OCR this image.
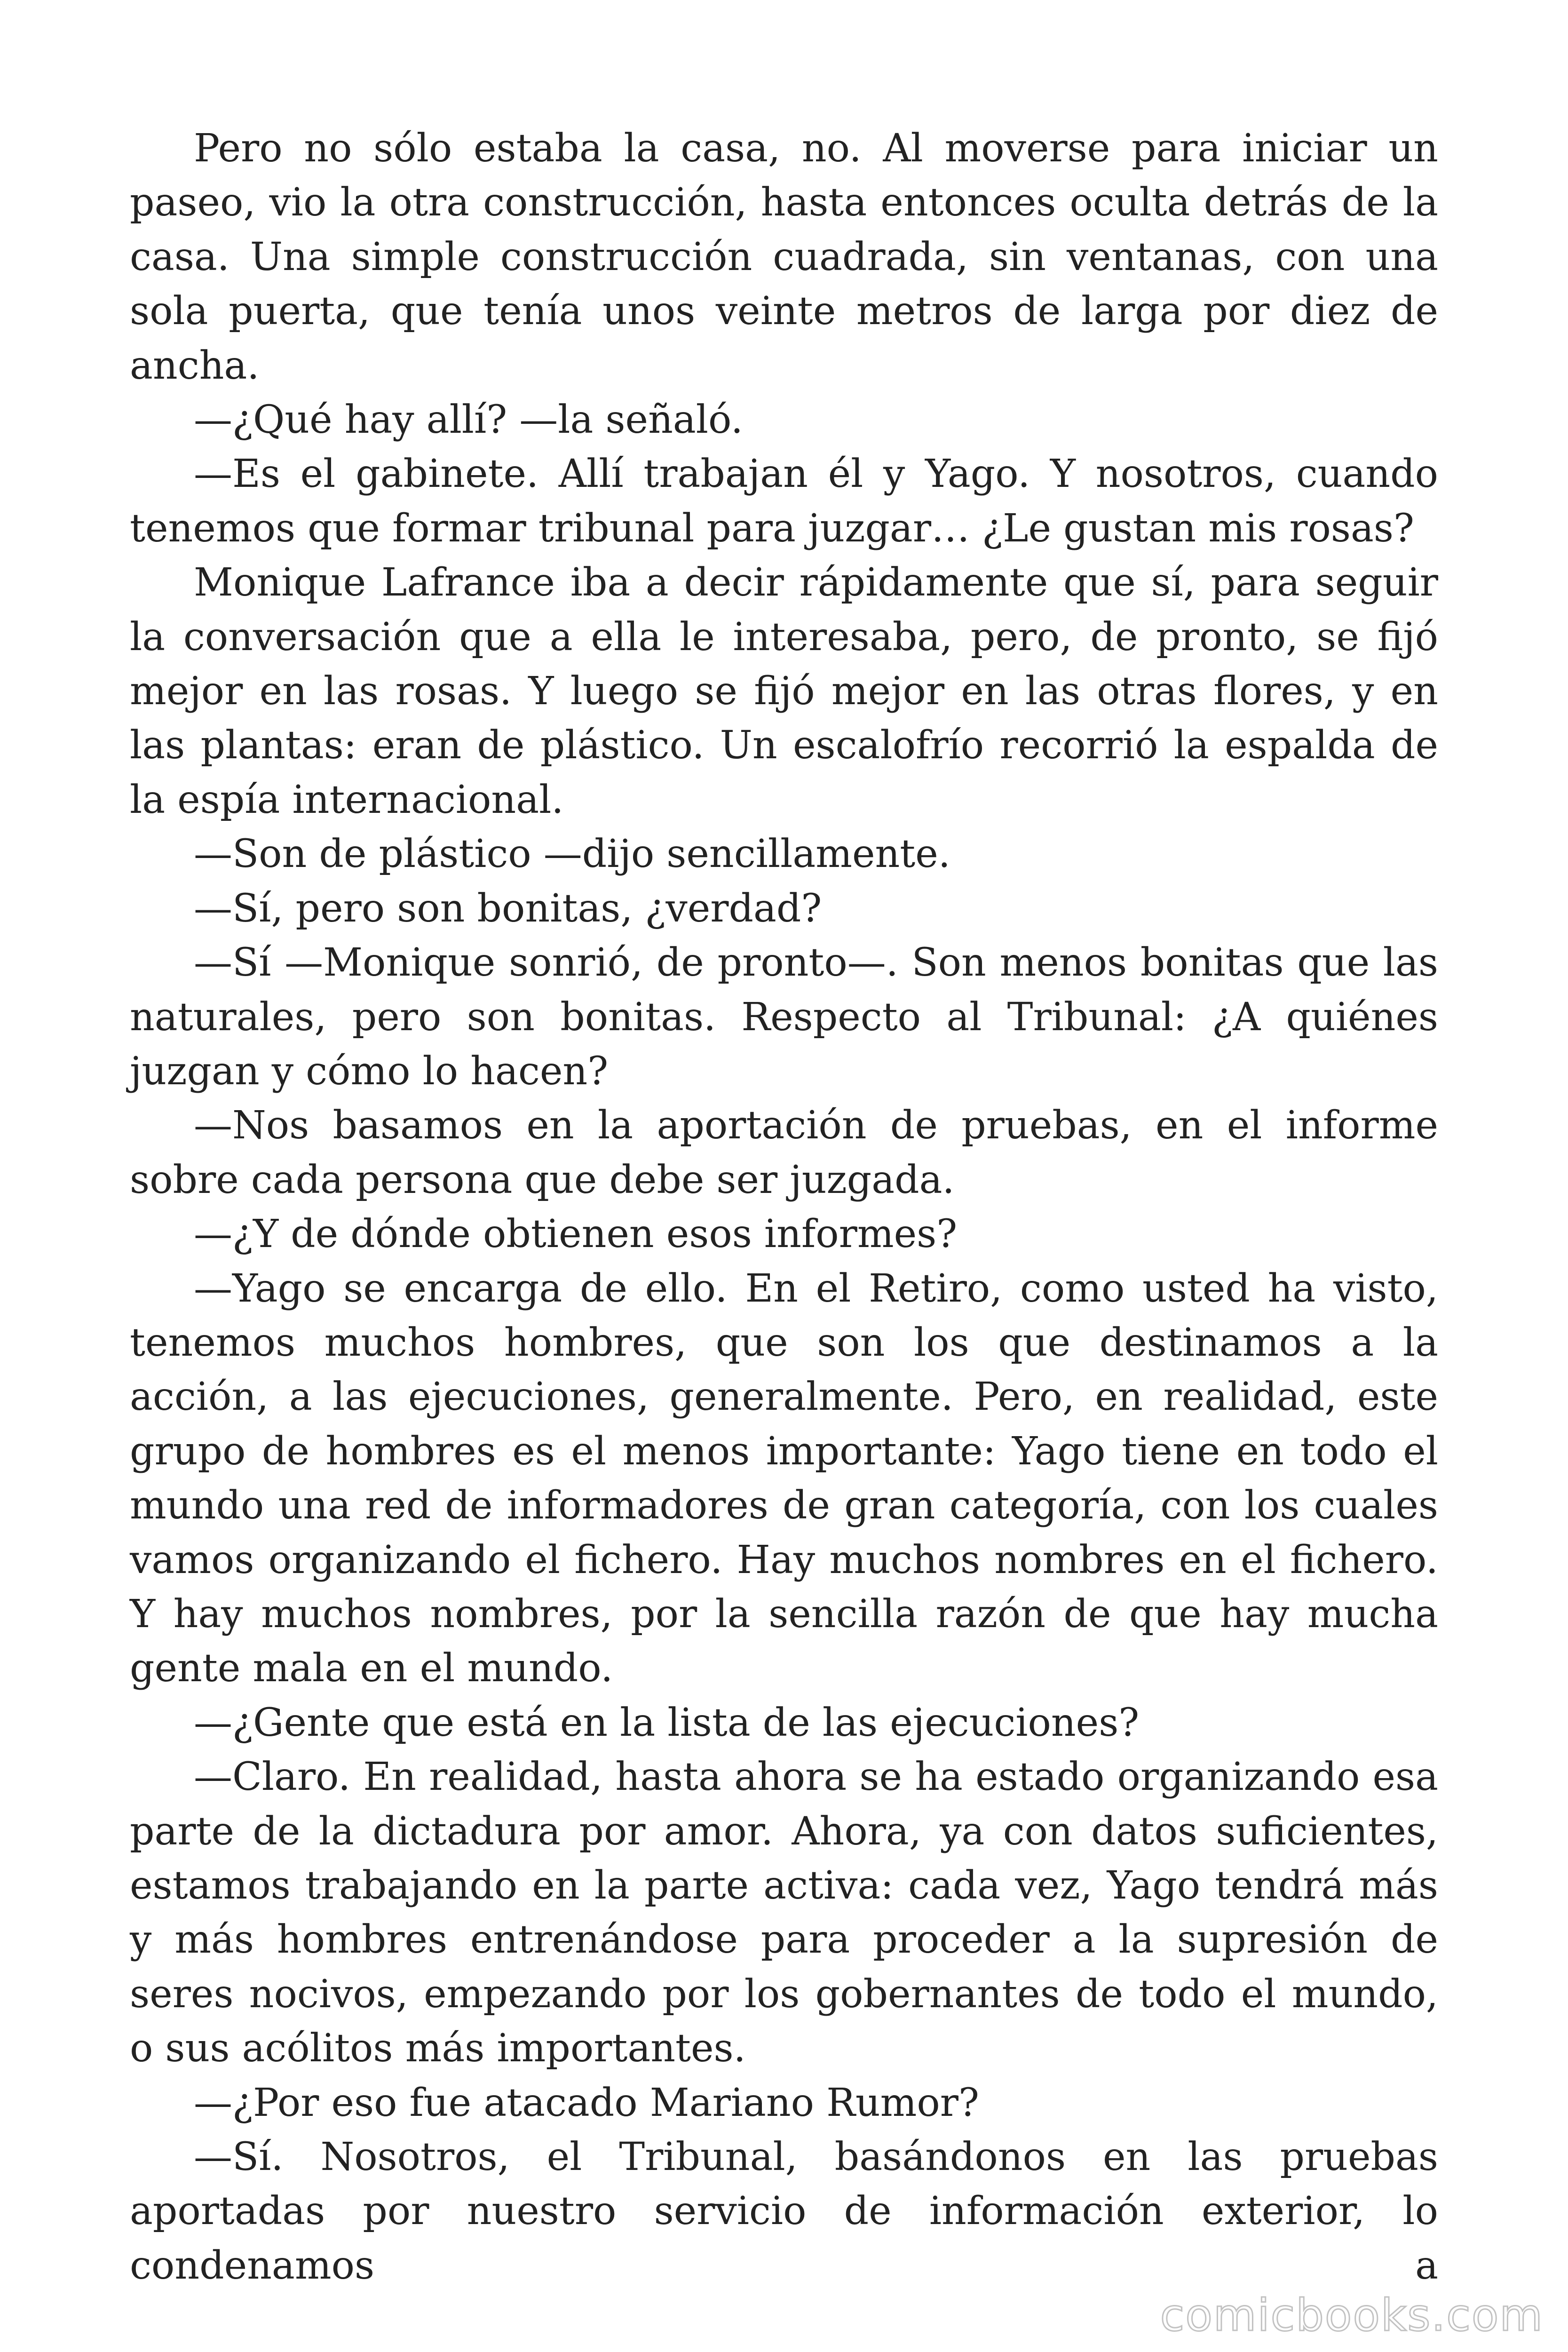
Pero no sólo estaba la casa, no. Al moverse para iniciar un paseo, vio la otra construcción, hasta entonces oculta detrás de la casa. Una simple construcción cuadrada, sin ventanas, con una sola puerta, que tenía unos veinte metros de larga por diez de ancha.

—¿Qué hay allí? —la señaló.

—Es el gabinete. Allí trabajan él y Yago. Y nosotros, cuando tenemos que formar tribunal para juzgar… ¿Le gustan mis rosas?

Monique Lafrance iba a decir rápidamente que sí, para seguir la conversación que a ella le interesaba, pero, de pronto, se fijó mejor en las rosas. Y luego se fijó mejor en las otras flores, y en las plantas: eran de plástico. Un escalofrío recorrió la espalda de la espía internacional.

—Son de plástico —dijo sencillamente.

—Sí, pero son bonitas, ¿verdad?

—Sí —Monique sonrió, de pronto—. Son menos bonitas que las naturales, pero son bonitas. Respecto al Tribunal: ¿A quiénes juzgan y cómo lo hacen?

—Nos basamos en la aportación de pruebas, en el informe sobre cada persona que debe ser juzgada.

—¿Y de dónde obtienen esos informes?

—Yago se encarga de ello. En el Retiro, como usted ha visto, tenemos muchos hombres, que son los que destinamos a la acción, a las ejecuciones, generalmente. Pero, en realidad, este grupo de hombres es el menos importante: Yago tiene en todo el mundo una red de informadores de gran categoría, con los cuales vamos organizando el fichero. Hay muchos nombres en el fichero. Y hay muchos nombres, por la sencilla razón de que hay mucha gente mala en el mundo.

—¿Gente que está en la lista de las ejecuciones?

—Claro. En realidad, hasta ahora se ha estado organizando esa parte de la dictadura por amor. Ahora, ya con datos suficientes, estamos trabajando en la parte activa: cada vez, Yago tendrá más y más hombres entrenándose para proceder a la supresión de seres nocivos, empezando por los gobernantes de todo el mundo, o sus acólitos más importantes.

—¿Por eso fue atacado Mariano Rumor?

—Sí. Nosotros, el Tribunal, basándonos en las pruebas aportadas por nuestro servicio de información exterior, lo condenamos a

comicbooks.com
